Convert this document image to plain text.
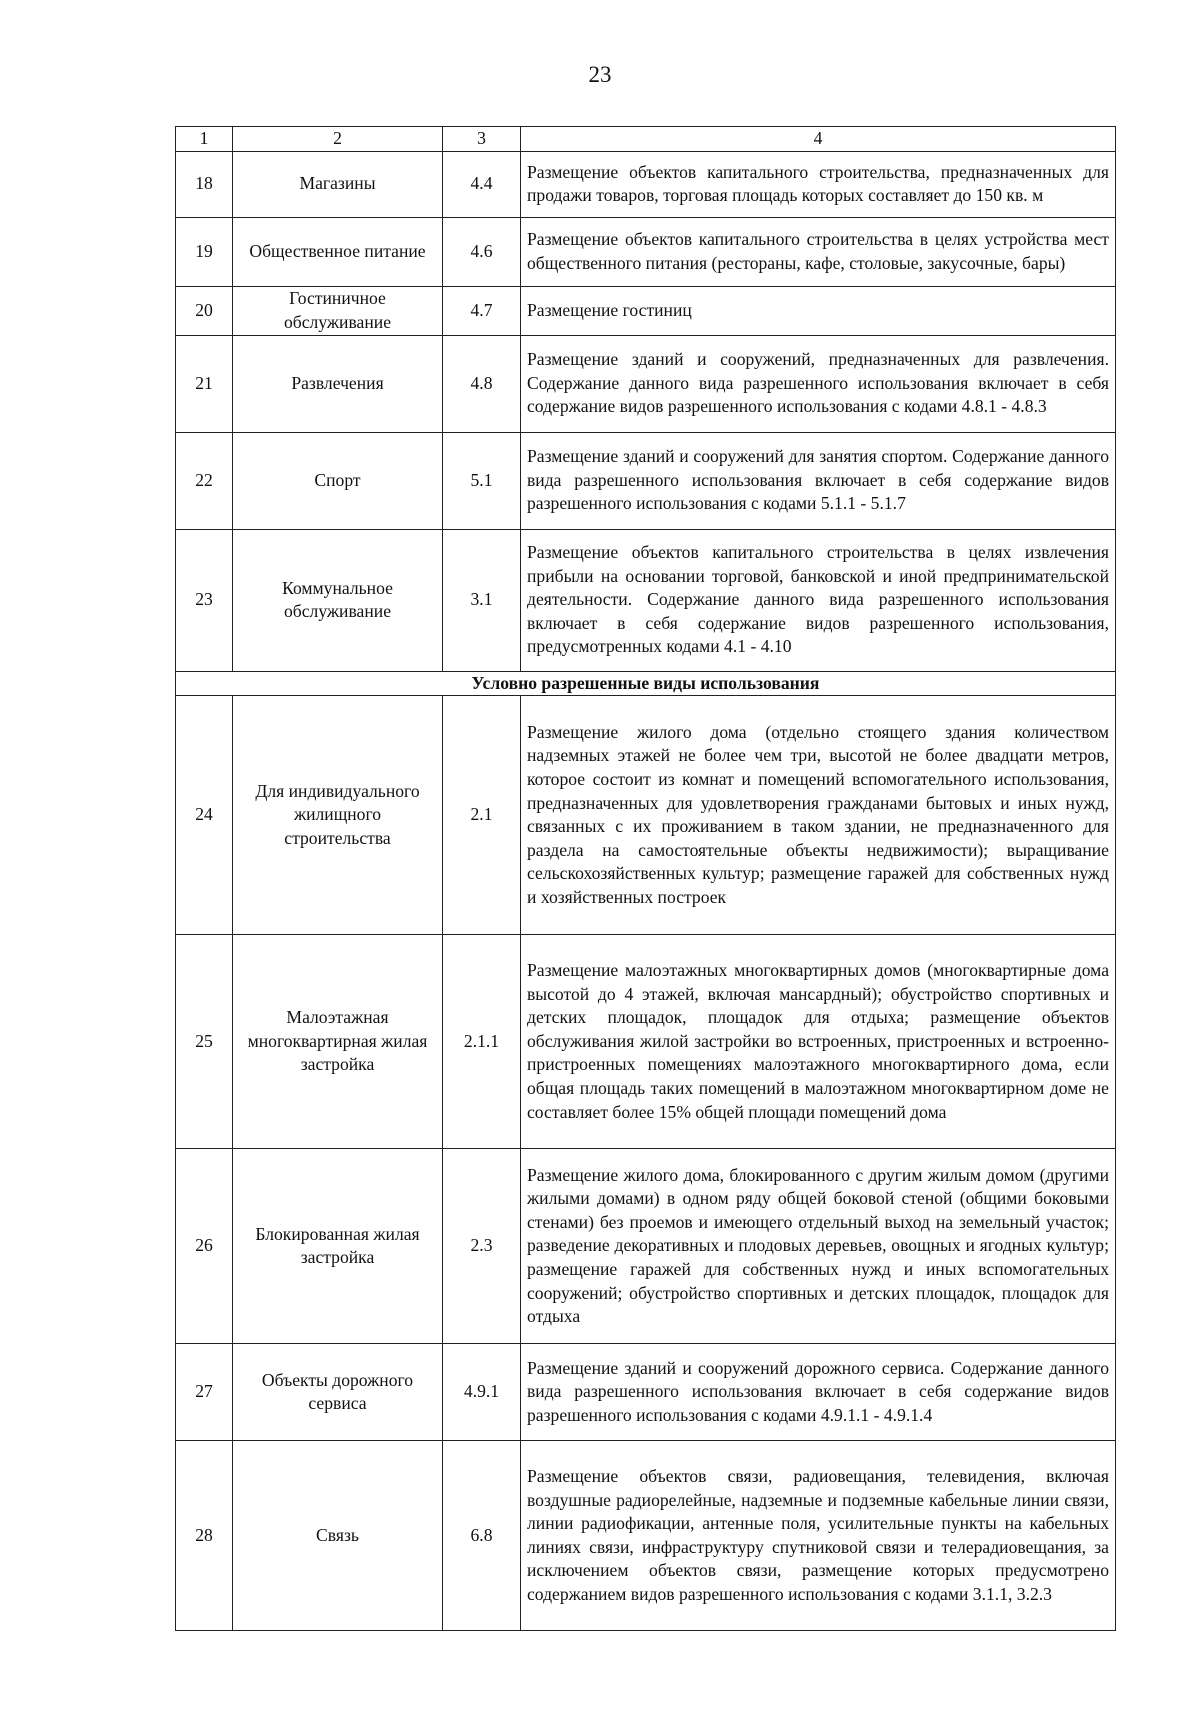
23
1	2	3	4
18	Магазины	4.4	Размещение объектов капитального строительства, предназначенных для продажи товаров, торговая площадь которых составляет до 150 кв. м
19	Общественное питание	4.6	Размещение объектов капитального строительства в целях устройства мест общественного питания (рестораны, кафе, столовые, закусочные, бары)
20	Гостиничное обслуживание	4.7	Размещение гостиниц
21	Развлечения	4.8	Размещение зданий и сооружений, предназначенных для развлечения. Содержание данного вида разрешенного использования включает в себя содержание видов разрешенного использования с кодами 4.8.1 - 4.8.3
22	Спорт	5.1	Размещение зданий и сооружений для занятия спортом. Содержание данного вида разрешенного использования включает в себя содержание видов разрешенного использования с кодами 5.1.1 - 5.1.7
23	Коммунальное обслуживание	3.1	Размещение объектов капитального строительства в целях извлечения прибыли на основании торговой, банковской и иной предпринимательской деятельности. Содержание данного вида разрешенного использования включает в себя содержание видов разрешенного использования, предусмотренных кодами 4.1 - 4.10
Условно разрешенные виды использования			
24	Для индивидуального жилищного строительства	2.1	Размещение жилого дома (отдельно стоящего здания количеством надземных этажей не более чем три, высотой не более двадцати метров, которое состоит из комнат и помещений вспомогательного использования, предназначенных для удовлетворения гражданами бытовых и иных нужд, связанных с их проживанием в таком здании, не предназначенного для раздела на самостоятельные объекты недвижимости); выращивание сельскохозяйственных культур; размещение гаражей для собственных нужд и хозяйственных построек
25	Малоэтажная многоквартирная жилая застройка	2.1.1	Размещение малоэтажных многоквартирных домов (многоквартирные дома высотой до 4 этажей, включая мансардный); обустройство спортивных и детских площадок, площадок для отдыха; размещение объектов обслуживания жилой застройки во встроенных, пристроенных и встроенно-пристроенных помещениях малоэтажного многоквартирного дома, если общая площадь таких помещений в малоэтажном многоквартирном доме не составляет более 15% общей площади помещений дома
26	Блокированная жилая застройка	2.3	Размещение жилого дома, блокированного с другим жилым домом (другими жилыми домами) в одном ряду общей боковой стеной (общими боковыми стенами) без проемов и имеющего отдельный выход на земельный участок; разведение декоративных и плодовых деревьев, овощных и ягодных культур; размещение гаражей для собственных нужд и иных вспомогательных сооружений; обустройство спортивных и детских площадок, площадок для отдыха
27	Объекты дорожного сервиса	4.9.1	Размещение зданий и сооружений дорожного сервиса. Содержание данного вида разрешенного использования включает в себя содержание видов разрешенного использования с кодами 4.9.1.1 - 4.9.1.4
28	Связь	6.8	Размещение объектов связи, радиовещания, телевидения, включая воздушные радиорелейные, надземные и подземные кабельные линии связи, линии радиофикации, антенные поля, усилительные пункты на кабельных линиях связи, инфраструктуру спутниковой связи и телерадиовещания, за исключением объектов связи, размещение которых предусмотрено содержанием видов разрешенного использования с кодами 3.1.1, 3.2.3
